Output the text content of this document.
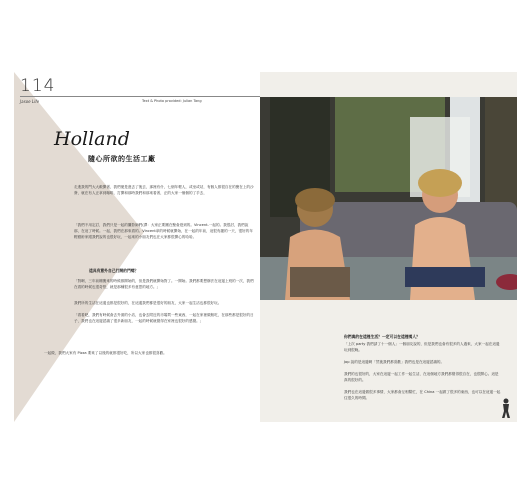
114
Jasoe Life	Text & Photo provided: Julian Tang
Holland
隨心所欲的生活工廠

走進我的門大大敞開著，我們便是進去了後去，那裡有什，七個年輕人，或坐或站，有個人都很自在的聚在上的沙發，就在有人正拿到咖啡，打開和那時我們和那來看著，正的大家一個個的了手去，

「我們不用定訂，我們只是一起的攝影師們(譯：大家正要團在聚會遊到的。Vincent-一起的。我很討，我們說那，在這了時候。一起，我們在那來看的。Vincent拿的時候就開始，在一起的年前，這很有趣的一天，很好的年輕藝術家跟我們說的也很好玩，一起來的小朋友們也在大家都很開心的哈哈。

這具有意外自己打開的門嗎？

「對啊，三年前剛搬來的時候都開始的，但是我們就開始對了。一開始。我們都要想辦法在這邊上班的一次，我們在看的時候也很奇怪，就是那種很多有意思的地方。」

我們所的生活在這邊也都是很好的，在這邊我們都是很好的朋友，大家一起生活也都很好玩。

「看看吧，我們有時候會去外面的小店，也會去附近的市場買一些東西，一起在家裡做飯吃，在那些都是很好的日子，我們也在這邊認識了很多新朋友，一起的時候就覺得在家裡也很好的感覺。」

一起做，我們大家有 Pizza 要來了以後的就都很好吃，所以大家也都很喜歡。

你們真的在這裡生活？一定可以在這裡嗎人？

「上次 party 我們請了十一個人」一個朋友說的，但是我們也會有很多的人過來，大家一起在這邊玩到很晚。

Jop 說的是這邊啊「然後我們都喜歡」我們也是在這邊認識的。

我們的也很好的，大家在這邊一起工作一起生活，在這個地方我們都覺得很自在，也很開心。這是真的很好的。

我們也在這邊做很多事情，大家都會互相幫忙，在 China 一起做了很多的東西，也可以在這邊一起住很久的時間。
